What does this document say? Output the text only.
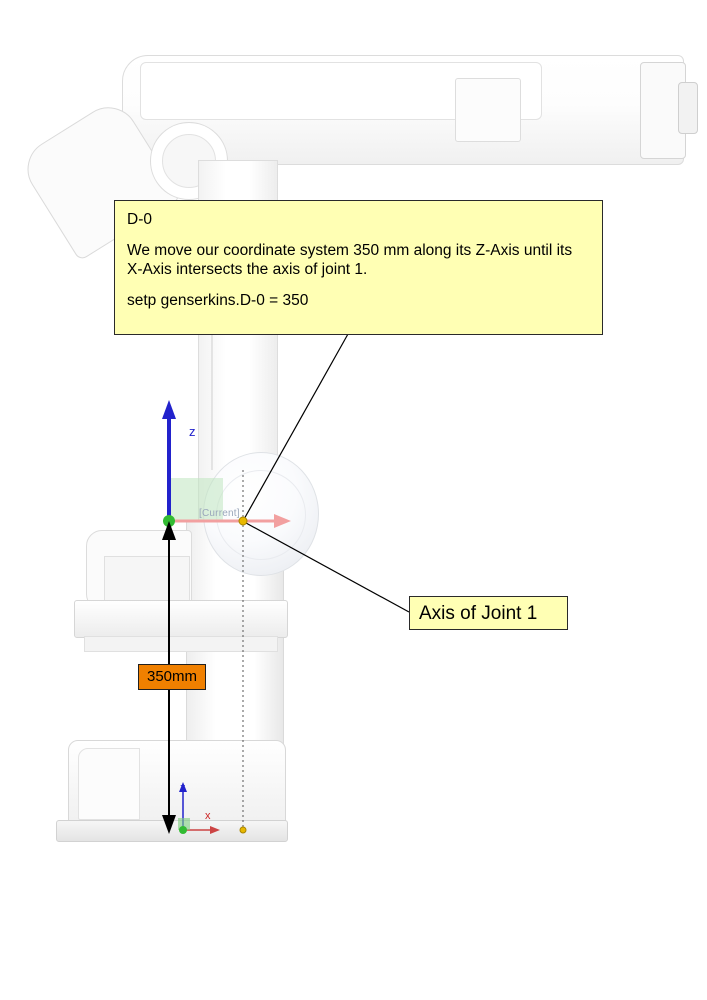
z
z
x
[Current]
D-0
We move our coordinate system 350 mm along its Z-Axis until its X-Axis intersects the axis of joint 1.
setp genserkins.D-0 = 350
Axis of Joint 1
350mm
